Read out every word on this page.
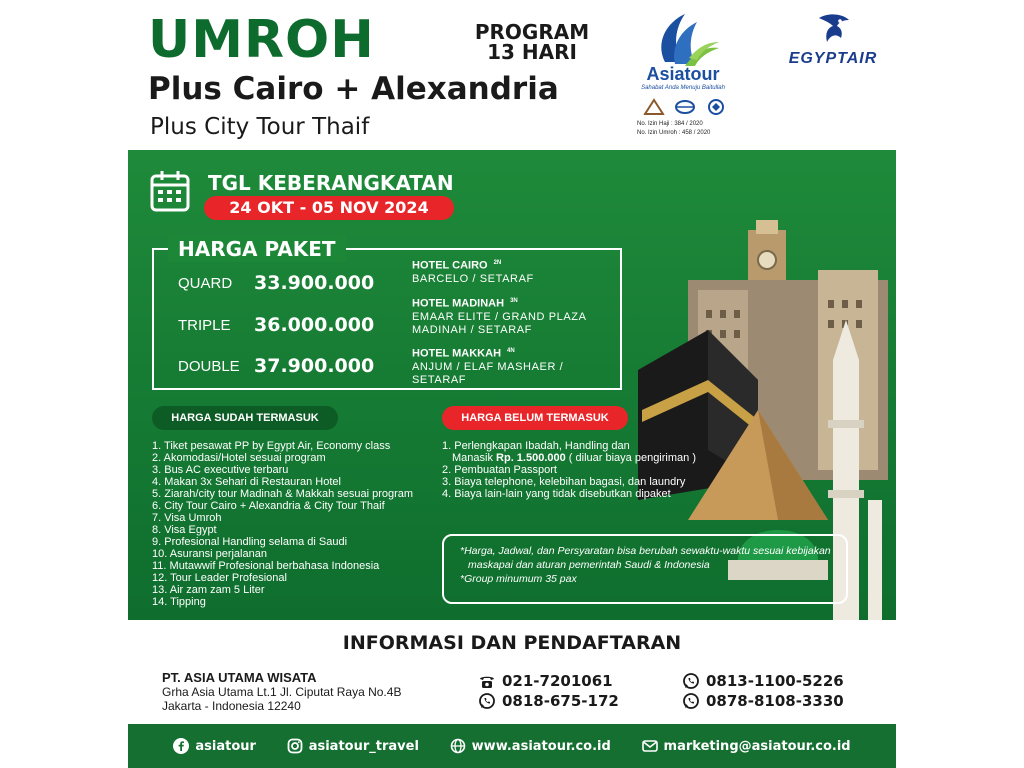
UMROH	PROGRAM
13 HARI
Plus Cairo + Alexandria
Plus City Tour Thaif
Asiatour
Sahabat Anda Menuju Baitullah
No. Izin Haji : 384 / 2020
No. Izin Umroh : 458 / 2020
EGYPTAIR
TGL KEBERANGKATAN
24 OKT - 05 NOV 2024
HARGA PAKET
QUARD	33.900.000
TRIPLE	36.000.000
DOUBLE 37.900.000
HOTEL CAIRO $^{2N}$
BARCELO / SETARAF
HOTEL MADINAH $^{3N}$
EMAAR ELITE / GRAND PLAZA
MADINAH / SETARAF
HOTEL MAKKAH $^{4N}$
ANJUM / ELAF MASHAER /
SETARAF
HARGA SUDAH TERMASUK	HARGA BELUM TERMASUK
1. Tiket pesawat PP by Egypt Air, Economy class
2. Akomodasi/Hotel sesuai program
3. Bus AC executive terbaru
4. Makan 3x Sehari di Restauran Hotel
5. Ziarah/city tour Madinah & Makkah sesuai program
6. City Tour Cairo + Alexandria & City Tour Thaif
7. Visa Umroh
8. Visa Egypt
9. Profesional Handling selama di Saudi
10. Asuransi perjalanan
11. Mutawwif Profesional berbahasa Indonesia
12. Tour Leader Profesional
13. Air zam zam 5 Liter
14. Tipping
1. Perlengkapan Ibadah, Handling dan
Manasik Rp. 1.500.000 ( diluar biaya pengiriman )
2. Pembuatan Passport
3. Biaya telephone, kelebihan bagasi, dan laundry
4. Biaya lain-lain yang tidak disebutkan dipaket
*Harga, Jadwal, dan Persyaratan bisa berubah sewaktu-waktu sesuai kebijakan
maskapai dan aturan pemerintah Saudi & Indonesia
*Group minumum 35 pax
INFORMASI DAN PENDAFTARAN
PT. ASIA UTAMA WISATA
Grha Asia Utama Lt.1 Jl. Ciputat Raya No.4B
Jakarta - Indonesia 12240
021-7201061
0818-675-172
0813-1100-5226
0878-8108-3330
asiatour	asiatour_travel	www.asiatour.co.id	marketing@asiatour.co.id
